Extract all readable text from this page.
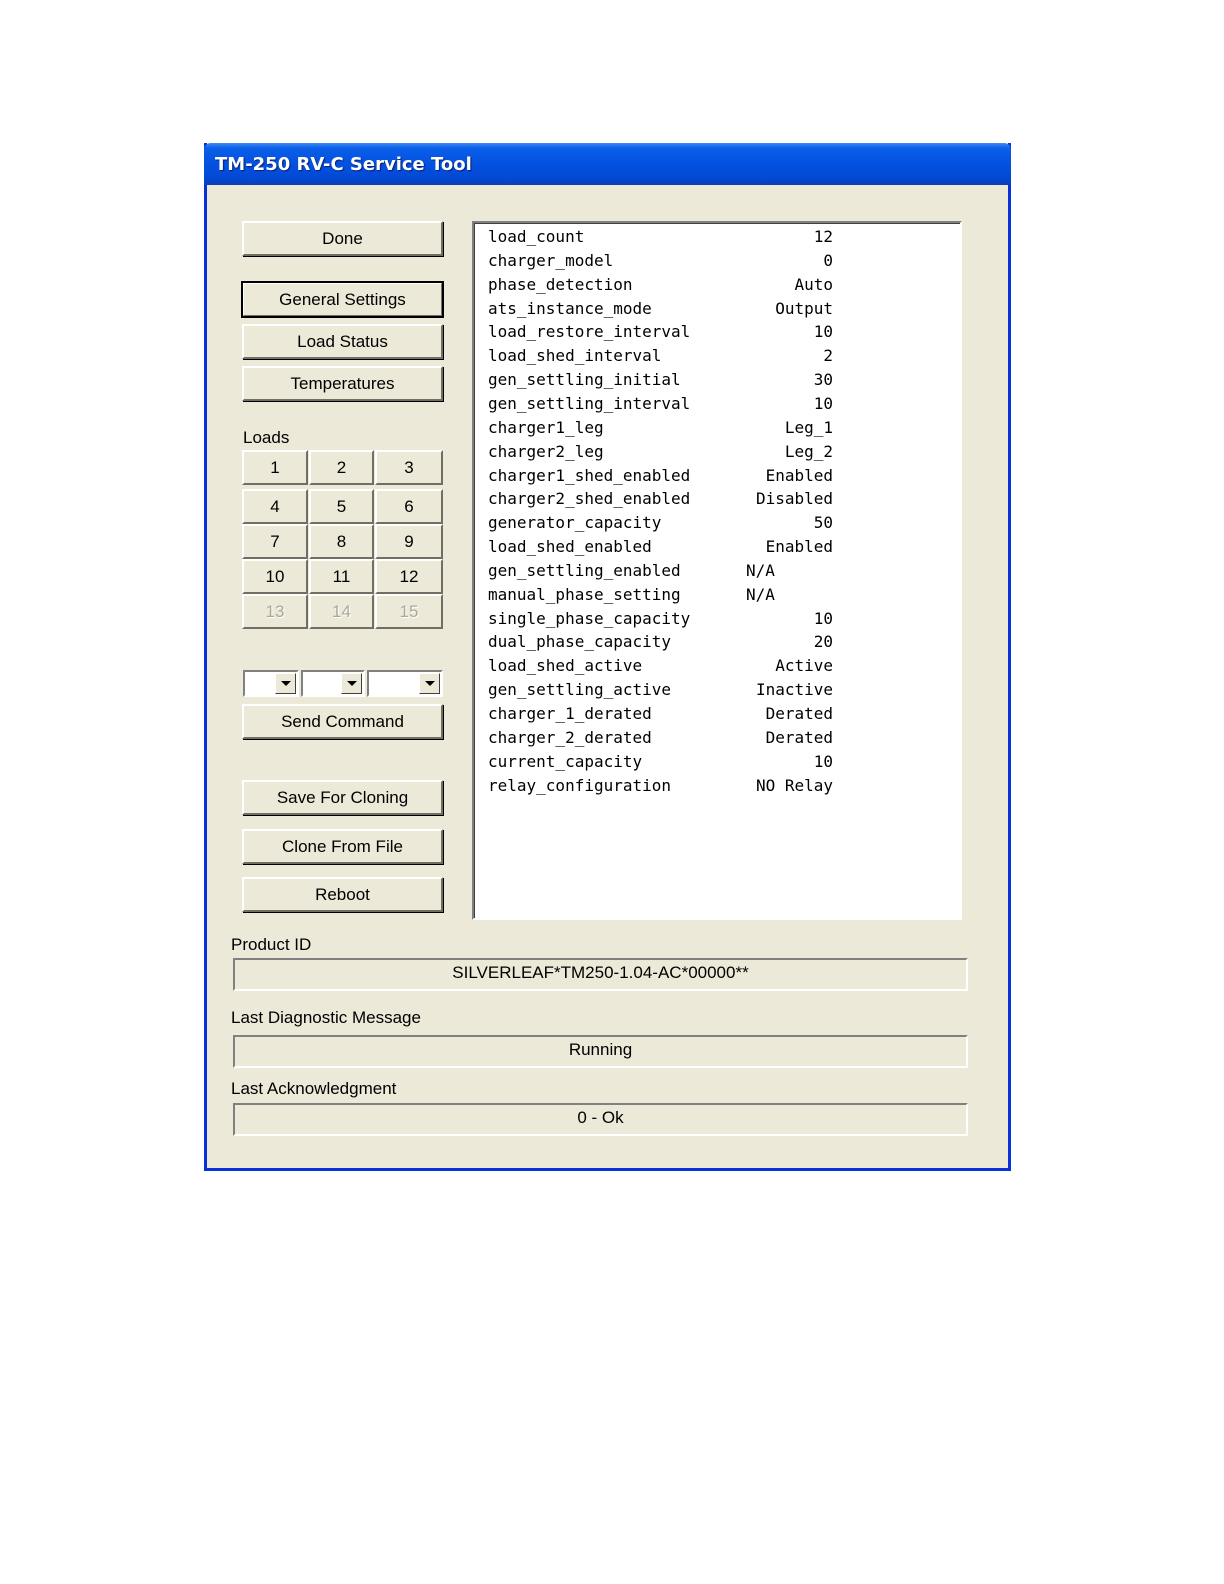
TM-250 RV-C Service Tool
Done
General Settings
Load Status
Temperatures
Loads
Send Command
Save For Cloning
Clone From File
Reboot
load_count	12
charger_model	0
phase_detection	Auto
ats_instance_mode	Output
load_restore_interval	10
load_shed_interval	2
gen_settling_initial	30
gen_settling_interval	10
charger1_leg	Leg_1
charger2_leg	Leg_2
charger1_shed_enabled	Enabled
charger2_shed_enabled	Disabled
generator_capacity	50
load_shed_enabled	Enabled
gen_settling_enabled	N/A
manual_phase_setting	N/A
single_phase_capacity	10
dual_phase_capacity	20
load_shed_active	Active
gen_settling_active	Inactive
charger_1_derated	Derated
charger_2_derated	Derated
current_capacity	10
relay_configuration	NO Relay
Product ID
SILVERLEAF*TM250-1.04-AC*00000**
Last Diagnostic Message
Running
Last Acknowledgment
0 - Ok
1	2	3
4	5	6
7	8	9
10	11	12
13	14	15
